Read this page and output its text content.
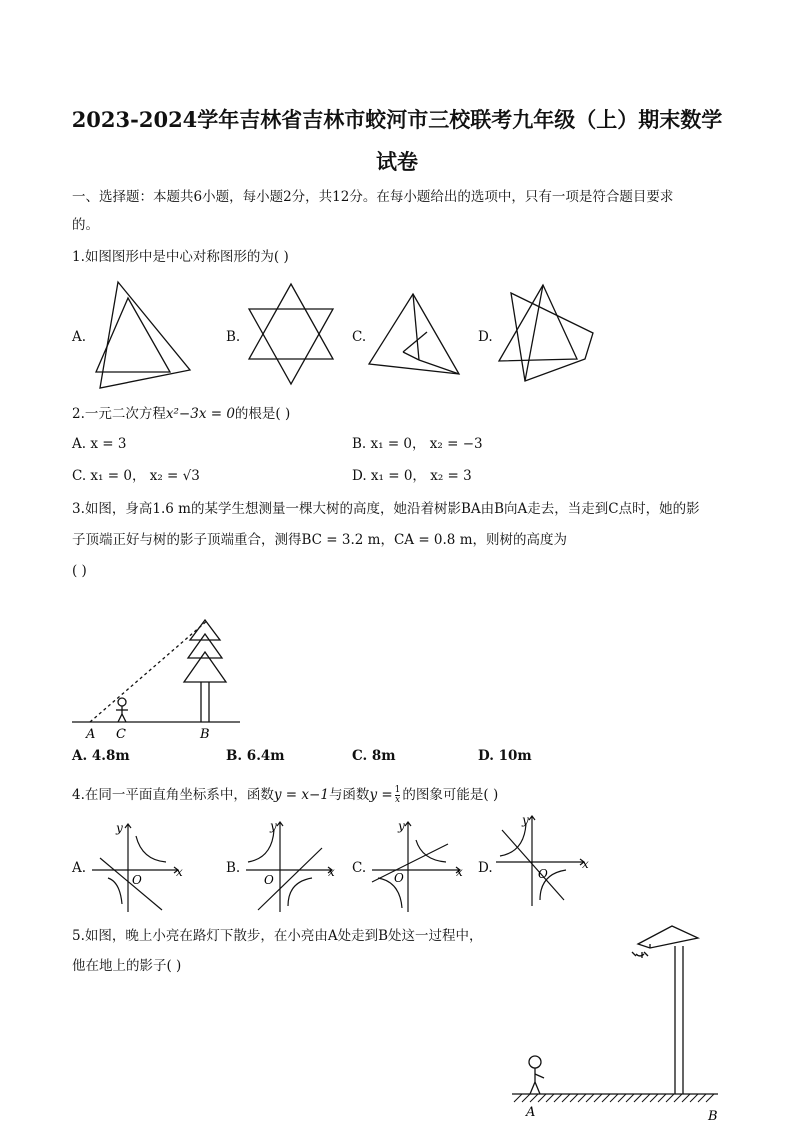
2023-2024学年吉林省吉林市蛟河市三校联考九年级（上）期末数学
试卷
一、选择题：本题共6小题，每小题2分，共12分。在每小题给出的选项中，只有一项是符合题目要求
的。
1.如图图形中是中心对称图形的为( )
A.	B.	C.	D.
2.一元二次方程x²−3x = 0的根是( )
A. x = 3	B. x₁ = 0， x₂ = −3
C. x₁ = 0， x₂ = √3	D. x₁ = 0， x₂ = 3
3.如图，身高1.6 m的某学生想测量一棵大树的高度，她沿着树影BA由B向A走去，当走到C点时，她的影
子顶端正好与树的影子顶端重合，测得BC = 3.2 m，CA = 0.8 m，则树的高度为
( )
A C	B
A. 4.8m	B. 6.4m	C. 8m	D. 10m
4.在同一平面直角坐标系中，函数y = x−1与函数$y = \frac{1}{x}$ 的图象可能是( )
A.	B.	C.	D.
y
x
O
y
x
O
y
x
O
y
x
O
5.如图，晚上小亮在路灯下散步，在小亮由A处走到B处这一过程中，
他在地上的影子( )
A	B
